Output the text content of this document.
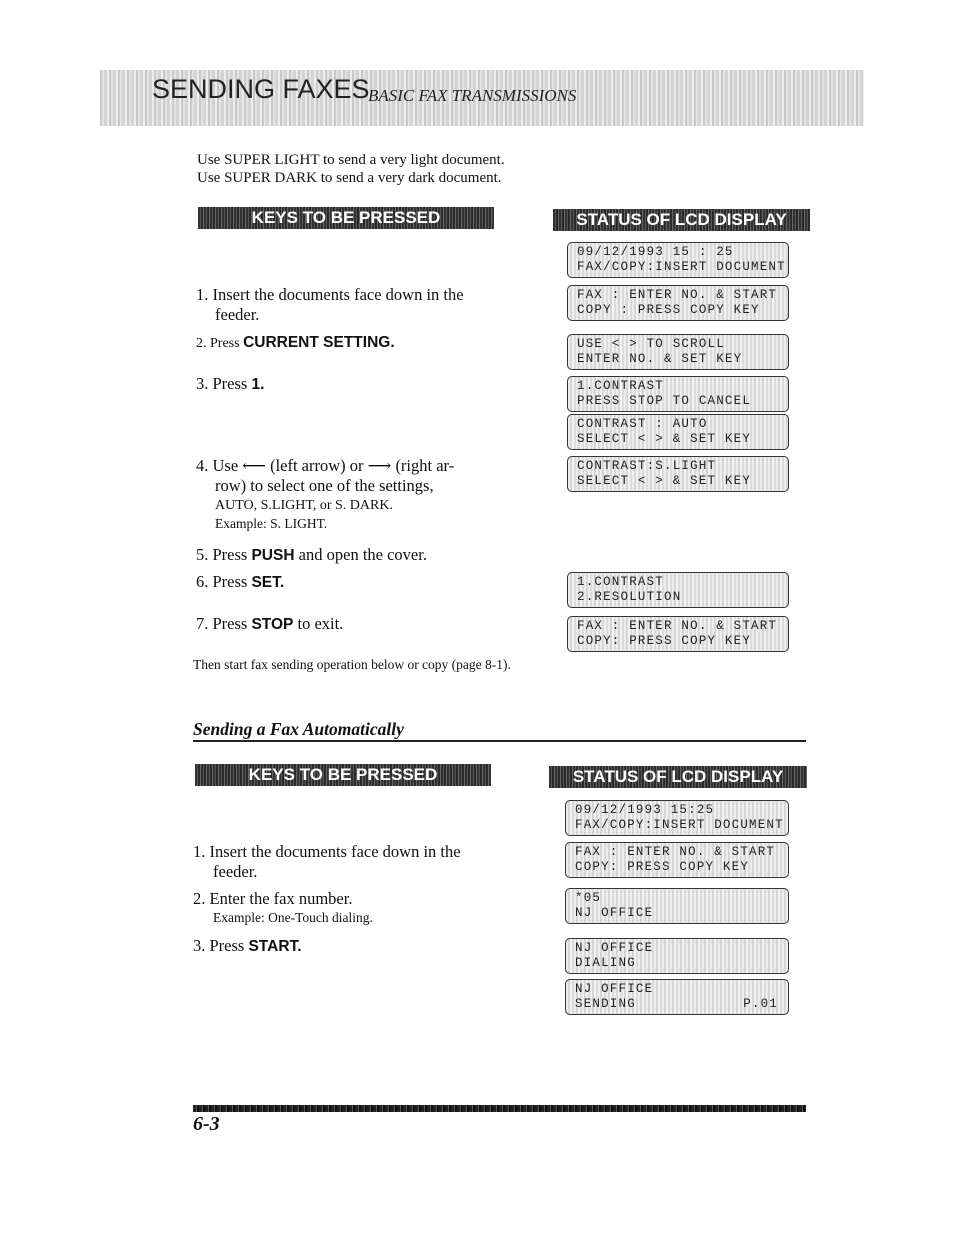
SENDING FAXES
BASIC FAX TRANSMISSIONS
Use SUPER LIGHT to send a very light document.
Use SUPER DARK to send a very dark document.
KEYS TO BE PRESSED	STATUS OF LCD DISPLAY
09/12/1993 15 : 25
FAX/COPY:INSERT DOCUMENT
FAX : ENTER NO. & START
COPY : PRESS COPY KEY
USE < > TO SCROLL
ENTER NO. & SET KEY
1.CONTRAST
PRESS STOP TO CANCEL
CONTRAST : AUTO
SELECT < > & SET KEY
CONTRAST:S.LIGHT
SELECT < > & SET KEY
1.CONTRAST
2.RESOLUTION
FAX : ENTER NO. & START
COPY: PRESS COPY KEY
1. Insert the documents face down in the
feeder.
2. Press CURRENT SETTING.
3. Press 1.
4. Use ⟵ (left arrow) or ⟶ (right ar-
row) to select one of the settings,
AUTO, S.LIGHT, or S. DARK.
Example: S. LIGHT.
5. Press PUSH and open the cover.
6. Press SET.
7. Press STOP to exit.
Then start fax sending operation below or copy (page 8-1).
Sending a Fax Automatically
KEYS TO BE PRESSED	STATUS OF LCD DISPLAY
09/12/1993 15:25
FAX/COPY:INSERT DOCUMENT
FAX : ENTER NO. & START
COPY: PRESS COPY KEY
*05
NJ OFFICE
NJ OFFICE
DIALING
NJ OFFICE
SENDING	P.01
1. Insert the documents face down in the
feeder.
2. Enter the fax number.
Example: One-Touch dialing.
3. Press START.
6-3
